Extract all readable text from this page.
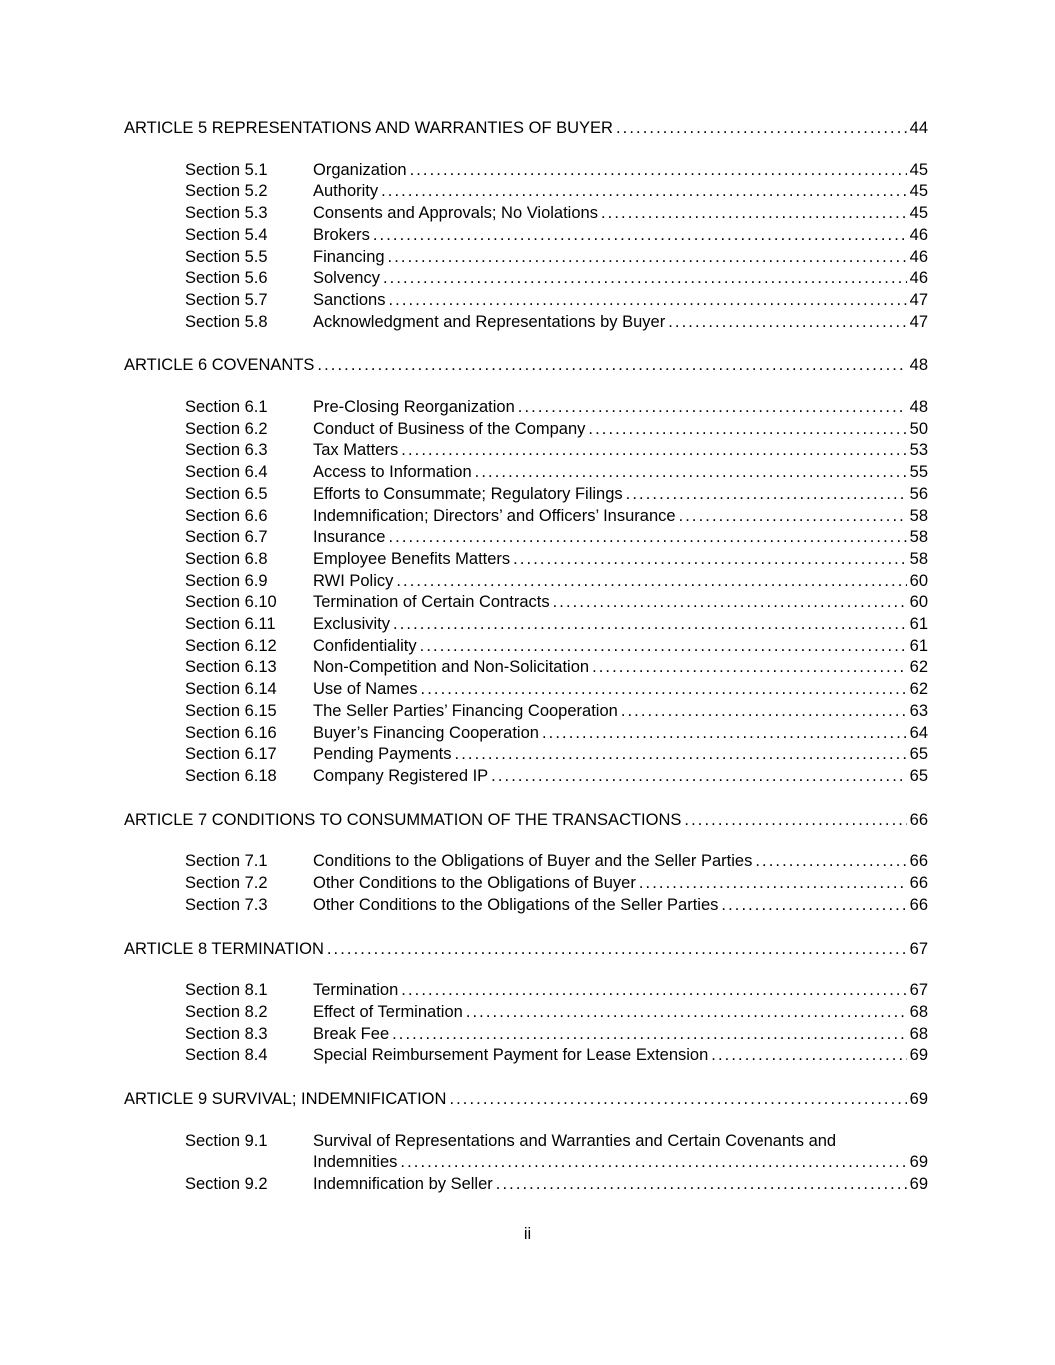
ARTICLE 5 REPRESENTATIONS AND WARRANTIES OF BUYER .....	44
Section 5.1	Organization .....	45
Section 5.2	Authority .....	45
Section 5.3	Consents and Approvals; No Violations .....	45
Section 5.4	Brokers .....	46
Section 5.5	Financing .....	46
Section 5.6	Solvency .....	46
Section 5.7	Sanctions .....	47
Section 5.8	Acknowledgment and Representations by Buyer .....	47
ARTICLE 6 COVENANTS .....	48
Section 6.1	Pre-Closing Reorganization .....	48
Section 6.2	Conduct of Business of the Company .....	50
Section 6.3	Tax Matters .....	53
Section 6.4	Access to Information .....	55
Section 6.5	Efforts to Consummate; Regulatory Filings .....	56
Section 6.6	Indemnification; Directors’ and Officers’ Insurance .....	58
Section 6.7	Insurance .....	58
Section 6.8	Employee Benefits Matters .....	58
Section 6.9	RWI Policy .....	60
Section 6.10	Termination of Certain Contracts .....	60
Section 6.11	Exclusivity .....	61
Section 6.12	Confidentiality .....	61
Section 6.13	Non-Competition and Non-Solicitation .....	62
Section 6.14	Use of Names .....	62
Section 6.15	The Seller Parties’ Financing Cooperation .....	63
Section 6.16	Buyer’s Financing Cooperation .....	64
Section 6.17	Pending Payments .....	65
Section 6.18	Company Registered IP .....	65
ARTICLE 7 CONDITIONS TO CONSUMMATION OF THE TRANSACTIONS .....	66
Section 7.1	Conditions to the Obligations of Buyer and the Seller Parties .....	66
Section 7.2	Other Conditions to the Obligations of Buyer .....	66
Section 7.3	Other Conditions to the Obligations of the Seller Parties .....	66
ARTICLE 8 TERMINATION .....	67
Section 8.1	Termination .....	67
Section 8.2	Effect of Termination .....	68
Section 8.3	Break Fee .....	68
Section 8.4	Special Reimbursement Payment for Lease Extension .....	69
ARTICLE 9 SURVIVAL; INDEMNIFICATION .....	69
Section 9.1	Survival of Representations and Warranties and Certain Covenants and
Indemnities .....	69
Section 9.2	Indemnification by Seller .....	69
ii
